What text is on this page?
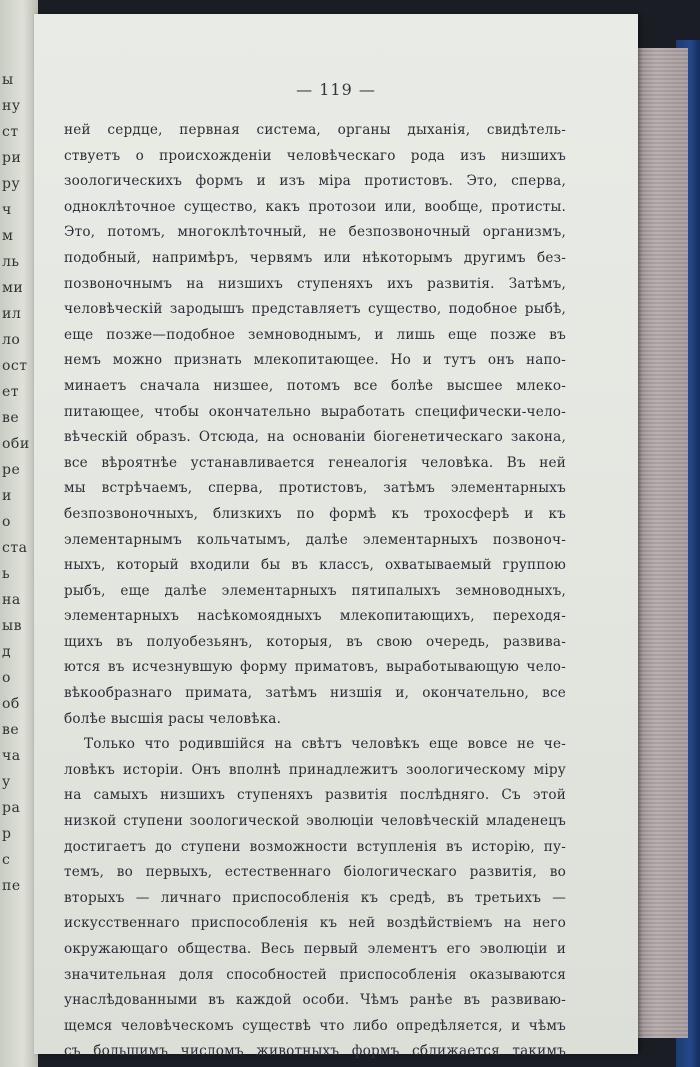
ы
ну
ст
ри
ру
ч
м
ль
ми
ил
ло
ост
ет
ве
оби
ре
и
о
ста
ь
на
ыв
д
о
об
ве
ча
у
ра
р
с
пе
— 119 —
ней сердце, первная система, органы дыханія, свидѣтель-
ствуетъ о происхожденіи человѣческаго рода изъ низшихъ
зоологическихъ формъ и изъ міра протистовъ. Это, сперва,
одноклѣточное существо, какъ протозои или, вообще, протисты.
Это, потомъ, многоклѣточный, не безпозвоночный организмъ,
подобный, напримѣръ, червямъ или нѣкоторымъ другимъ без-
позвоночнымъ на низшихъ ступеняхъ ихъ развитія. Затѣмъ,
человѣческій зародышъ представляетъ существо, подобное рыбѣ,
еще позже—подобное земноводнымъ, и лишь еще позже въ
немъ можно признать млекопитающее. Но и тутъ онъ напо-
минаетъ сначала низшее, потомъ все болѣе высшее млеко-
питающее, чтобы окончательно выработать специфически-чело-
вѣческій образъ. Отсюда, на основаніи біогенетическаго закона,
все вѣроятнѣе устанавливается генеалогія человѣка. Въ ней
мы встрѣчаемъ, сперва, протистовъ, затѣмъ элементарныхъ
безпозвоночныхъ, близкихъ по формѣ къ трохосферѣ и къ
элементарнымъ кольчатымъ, далѣе элементарныхъ позвоноч-
ныхъ, который входили бы въ классъ, охватываемый группою
рыбъ, еще далѣе элементарныхъ пятипалыхъ земноводныхъ,
элементарныхъ насѣкомоядныхъ млекопитающихъ, переходя-
щихъ въ полуобезьянъ, которыя, въ свою очередь, развива-
ются въ исчезнувшую форму приматовъ, выработывающую чело-
вѣкообразнаго примата, затѣмъ низшія и, окончательно, все
болѣе высшія расы человѣка.
Только что родившійся на свѣтъ человѣкъ еще вовсе не че-
ловѣкъ исторіи. Онъ вполнѣ принадлежитъ зоологическому міру
на самыхъ низшихъ ступеняхъ развитія послѣдняго. Съ этой
низкой ступени зоологической эволюціи человѣческій младенецъ
достигаетъ до ступени возможности вступленія въ исторію, пу-
темъ, во первыхъ, естественнаго біологическаго развитія, во
вторыхъ — личнаго приспособленія къ средѣ, въ третьихъ —
искусственнаго приспособленія къ ней воздѣйствіемъ на него
окружающаго общества. Весь первый элементъ его эволюціи и
значительная доля способностей приспособленія оказываются
унаслѣдованными въ каждой особи. Чѣмъ ранѣе въ развиваю-
щемся человѣческомъ существѣ что либо опредѣляется, и чѣмъ
съ большимъ числомъ животныхъ формъ сближается такимъ
